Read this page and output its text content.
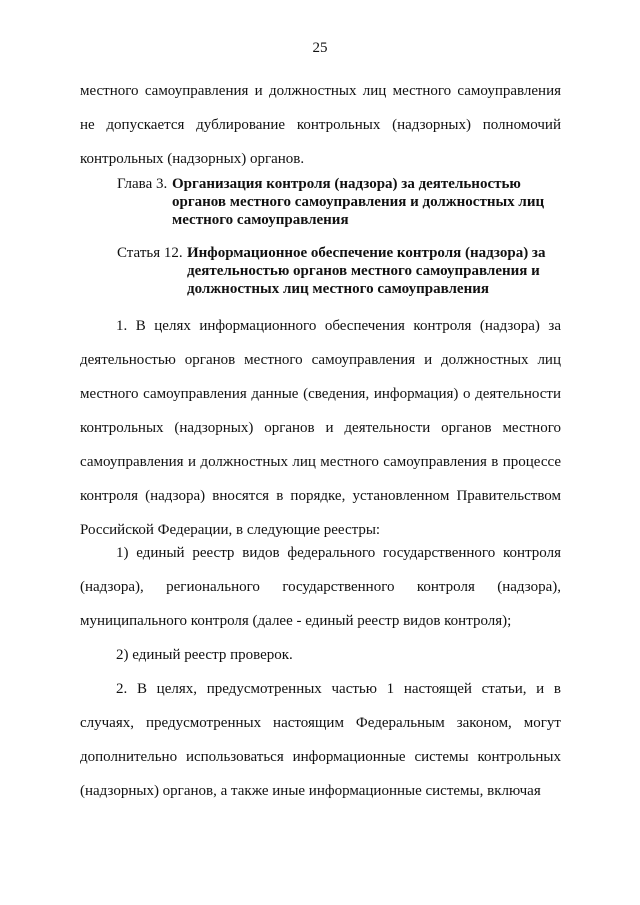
25

местного самоуправления и должностных лиц местного самоуправления не допускается дублирование контрольных (надзорных) полномочий контрольных (надзорных) органов.

Глава 3. Организация контроля (надзора) за деятельностью органов местного самоуправления и должностных лиц местного самоуправления
Статья 12. Информационное обеспечение контроля (надзора) за деятельностью органов местного самоуправления и должностных лиц местного самоуправления

1. В целях информационного обеспечения контроля (надзора) за деятельностью органов местного самоуправления и должностных лиц местного самоуправления данные (сведения, информация) о деятельности контрольных (надзорных) органов и деятельности органов местного самоуправления и должностных лиц местного самоуправления в процессе контроля (надзора) вносятся в порядке, установленном Правительством Российской Федерации, в следующие реестры:

1) единый реестр видов федерального государственного контроля (надзора), регионального государственного контроля (надзора), муниципального контроля (далее - единый реестр видов контроля);

2) единый реестр проверок.

2. В целях, предусмотренных частью 1 настоящей статьи, и в случаях, предусмотренных настоящим Федеральным законом, могут дополнительно использоваться информационные системы контрольных (надзорных) органов, а также иные информационные системы, включая
